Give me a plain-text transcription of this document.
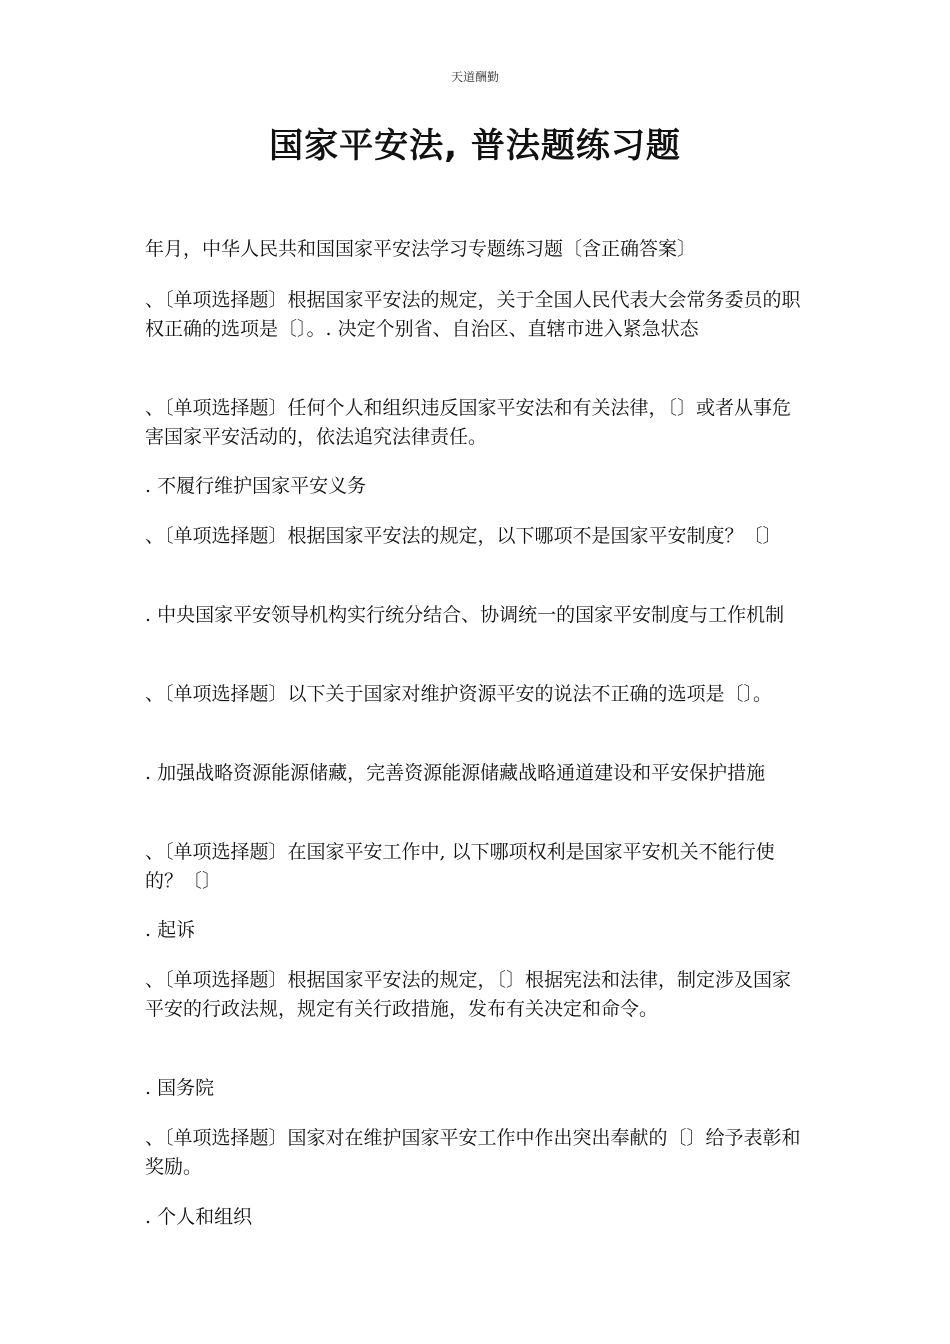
天道酬勤
国家平安法, 普法题练习题
年月，中华人民共和国国家平安法学习专题练习题〔含正确答案〕
、〔单项选择题〕根据国家平安法的规定，关于全国人民代表大会常务委员的职权正确的选项是〔〕。. 决定个别省、自治区、直辖市进入紧急状态
、〔单项选择题〕任何个人和组织违反国家平安法和有关法律，〔〕或者从事危害国家平安活动的，依法追究法律责任。
. 不履行维护国家平安义务
、〔单项选择题〕根据国家平安法的规定，以下哪项不是国家平安制度？〔〕
. 中央国家平安领导机构实行统分结合、协调统一的国家平安制度与工作机制
、〔单项选择题〕以下关于国家对维护资源平安的说法不正确的选项是〔〕。
. 加强战略资源能源储藏，完善资源能源储藏战略通道建设和平安保护措施
、〔单项选择题〕在国家平安工作中, 以下哪项权利是国家平安机关不能行使的？〔〕
. 起诉
、〔单项选择题〕根据国家平安法的规定，〔〕根据宪法和法律，制定涉及国家平安的行政法规，规定有关行政措施，发布有关决定和命令。
. 国务院
、〔单项选择题〕国家对在维护国家平安工作中作出突出奉献的〔〕给予表彰和奖励。
. 个人和组织
